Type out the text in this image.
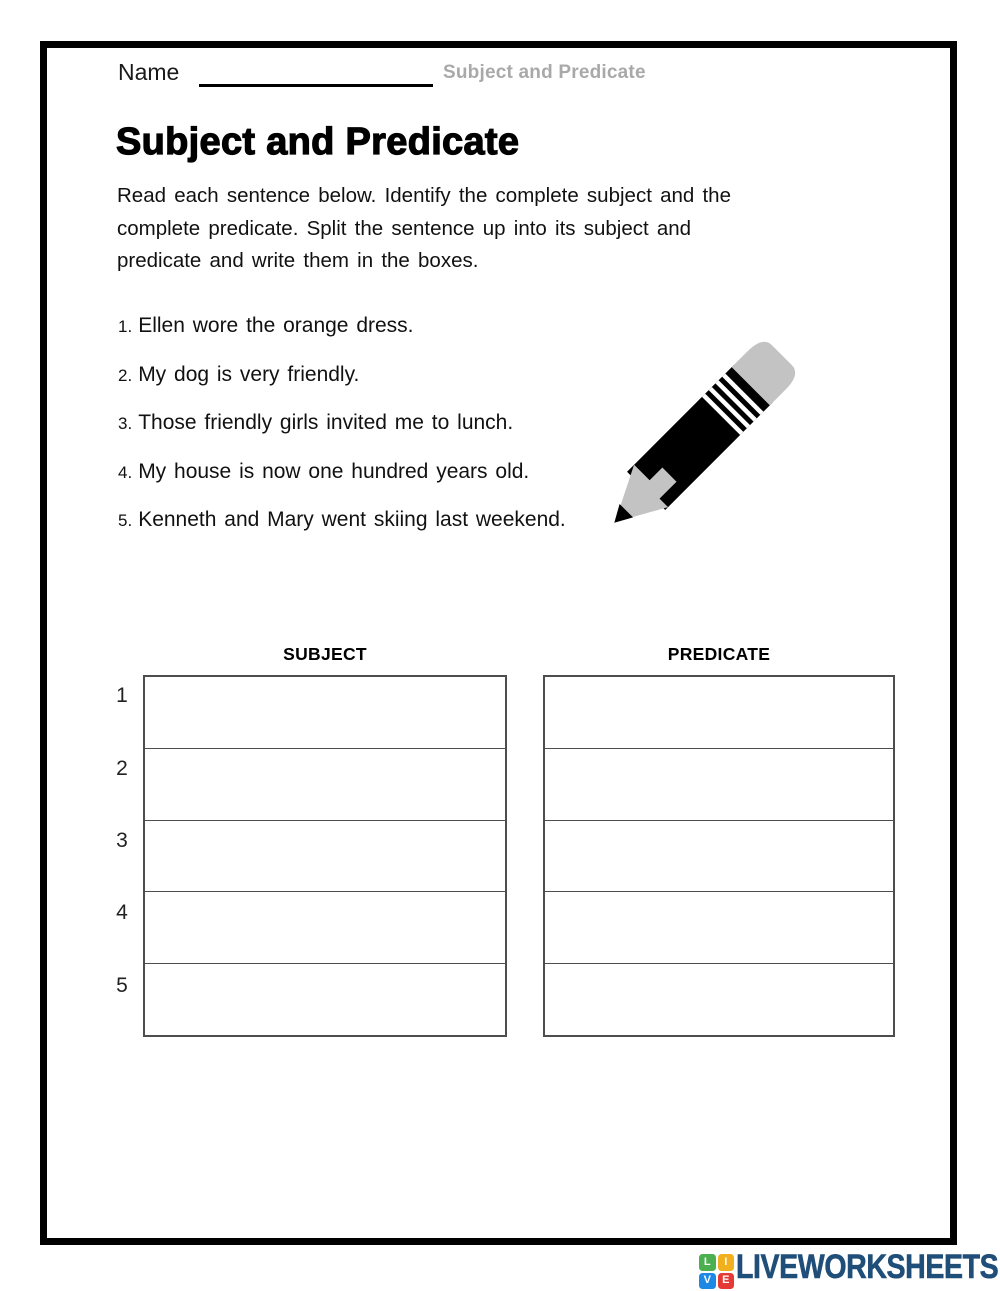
Name	Subject and Predicate
Subject and Predicate
Read each sentence below. Identify the complete subject and the
complete predicate. Split the sentence up into its subject and
predicate and write them in the boxes.
1. Ellen wore the orange dress.
2. My dog is very friendly.
3. Those friendly girls invited me to lunch.
4. My house is now one hundred years old.
5. Kenneth and Mary went skiing last weekend.
SUBJECT	PREDICATE
1
2
3
4
5
L	I
V	E LIVEWORKSHEETS
